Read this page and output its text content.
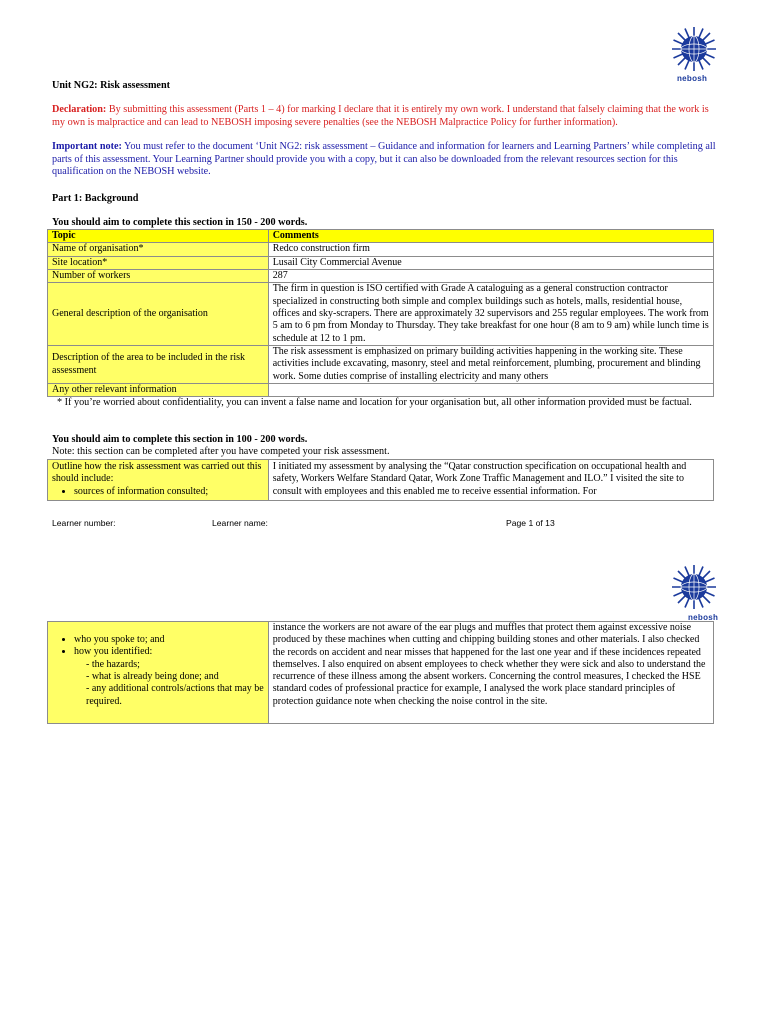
nebosh
Unit NG2: Risk assessment

Declaration: By submitting this assessment (Parts 1 – 4) for marking I declare that it is entirely my own work. I understand that falsely claiming that the work is my own is malpractice and can lead to NEBOSH imposing severe penalties (see the NEBOSH Malpractice Policy for further information).

Important note: You must refer to the document ‘Unit NG2: risk assessment – Guidance and information for learners and Learning Partners’ while completing all parts of this assessment. Your Learning Partner should provide you with a copy, but it can also be downloaded from the relevant resources section for this qualification on the NEBOSH website.

Part 1: Background
You should aim to complete this section in 150 - 200 words.
Topic	Comments
Name of organisation*	Redco construction firm
Site location*	Lusail City Commercial Avenue
Number of workers	287
General description of the organisation	The firm in question is ISO certified with Grade A cataloguing as a general construction contractor specialized in constructing both simple and complex buildings such as hotels, malls, residential house, offices and sky-scrapers. There are approximately 32 supervisors and 255 regular employees. The work from 5 am to 6 pm from Monday to Thursday. They take breakfast for one hour (8 am to 9 am) while lunch time is schedule at 12 to 1 pm.
Description of the area to be included in the risk assessment	The risk assessment is emphasized on primary building activities happening in the working site. These activities include excavating, masonry, steel and metal reinforcement, plumbing, procurement and blinding work. Some duties comprise of installing electricity and many others
Any other relevant information	

* If you’re worried about confidentiality, you can invent a false name and location for your organisation but, all other information provided must be factual.

You should aim to complete this section in 100 - 200 words.
Note: this section can be completed after you have competed your risk assessment.
Outline how the risk assessment was carried out this should include:
• sources of information consulted;
	I initiated my assessment by analysing the “Qatar construction specification on occupational health and safety, Workers Welfare Standard Qatar, Work Zone Traffic Management and ILO.” I visited the site to consult with employees and this enabled me to receive essential information. For
Learner number:	Learner name:	Page 1 of 13
nebosh
• who you spoke to; and
• how you identified:
- the hazards;
- what is already being done; and
- any additional controls/actions that may be required.
	instance the workers are not aware of the ear plugs and muffles that protect them against excessive noise produced by these machines when cutting and chipping building stones and other materials. I also checked the records on accident and near misses that happened for the last one year and if these incidences repeated themselves. I also enquired on absent employees to check whether they were sick and also to understand the recurrence of these illness among the absent workers. Concerning the control measures, I checked the HSE standard codes of professional practice for example, I analysed the work place standard principles of protection guidance note when checking the noise control in the site.
